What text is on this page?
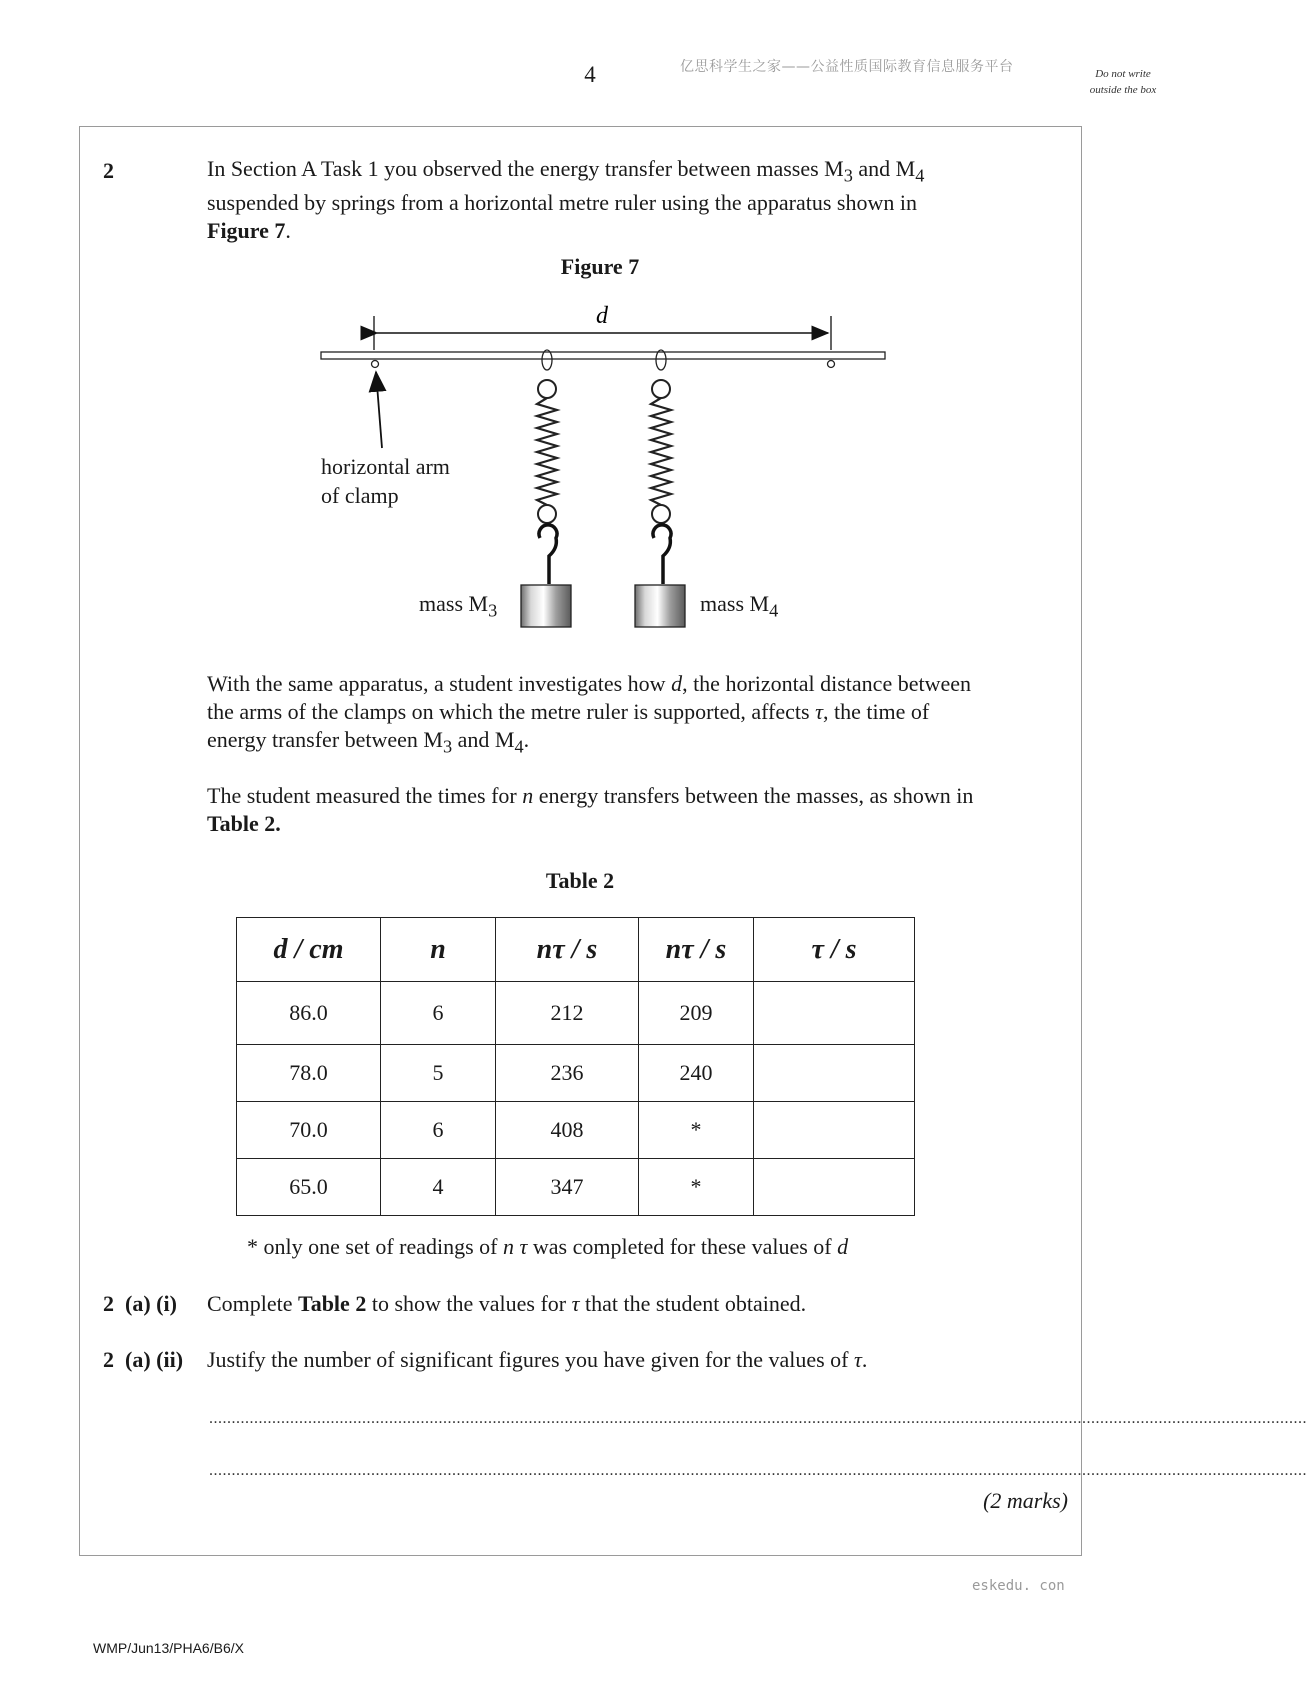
4	亿思科学生之家——公益性质国际教育信息服务平台	Do not write outside the box
2	In Section A Task 1 you observed the energy transfer between masses $M_3$ and $M_4$
suspended by springs from a horizontal metre ruler using the apparatus shown in
Figure 7.
Figure 7
d
horizontal arm
of clamp
mass $M_3$	mass $M_4$
With the same apparatus, a student investigates how d, the horizontal distance between
the arms of the clamps on which the metre ruler is supported, affects τ, the time of
energy transfer between $M_3$ and $M_4$.
The student measured the times for n energy transfers between the masses, as shown in
Table 2.
Table 2
d / cm	n	nτ / s	nτ / s	τ / s
86.0	6	212	209	
78.0	5	236	240	
70.0	6	408	*	
65.0	4	347	*	
* only one set of readings of n τ was completed for these values of d
2  (a) (i) Complete Table 2 to show the values for τ that the student obtained.
2  (a) (ii) Justify the number of significant figures you have given for the values of τ.
....................................................................................................................................................................................................................................................
....................................................................................................................................................................................................................................................
(2 marks)
eskedu. con
WMP/Jun13/PHA6/B6/X
